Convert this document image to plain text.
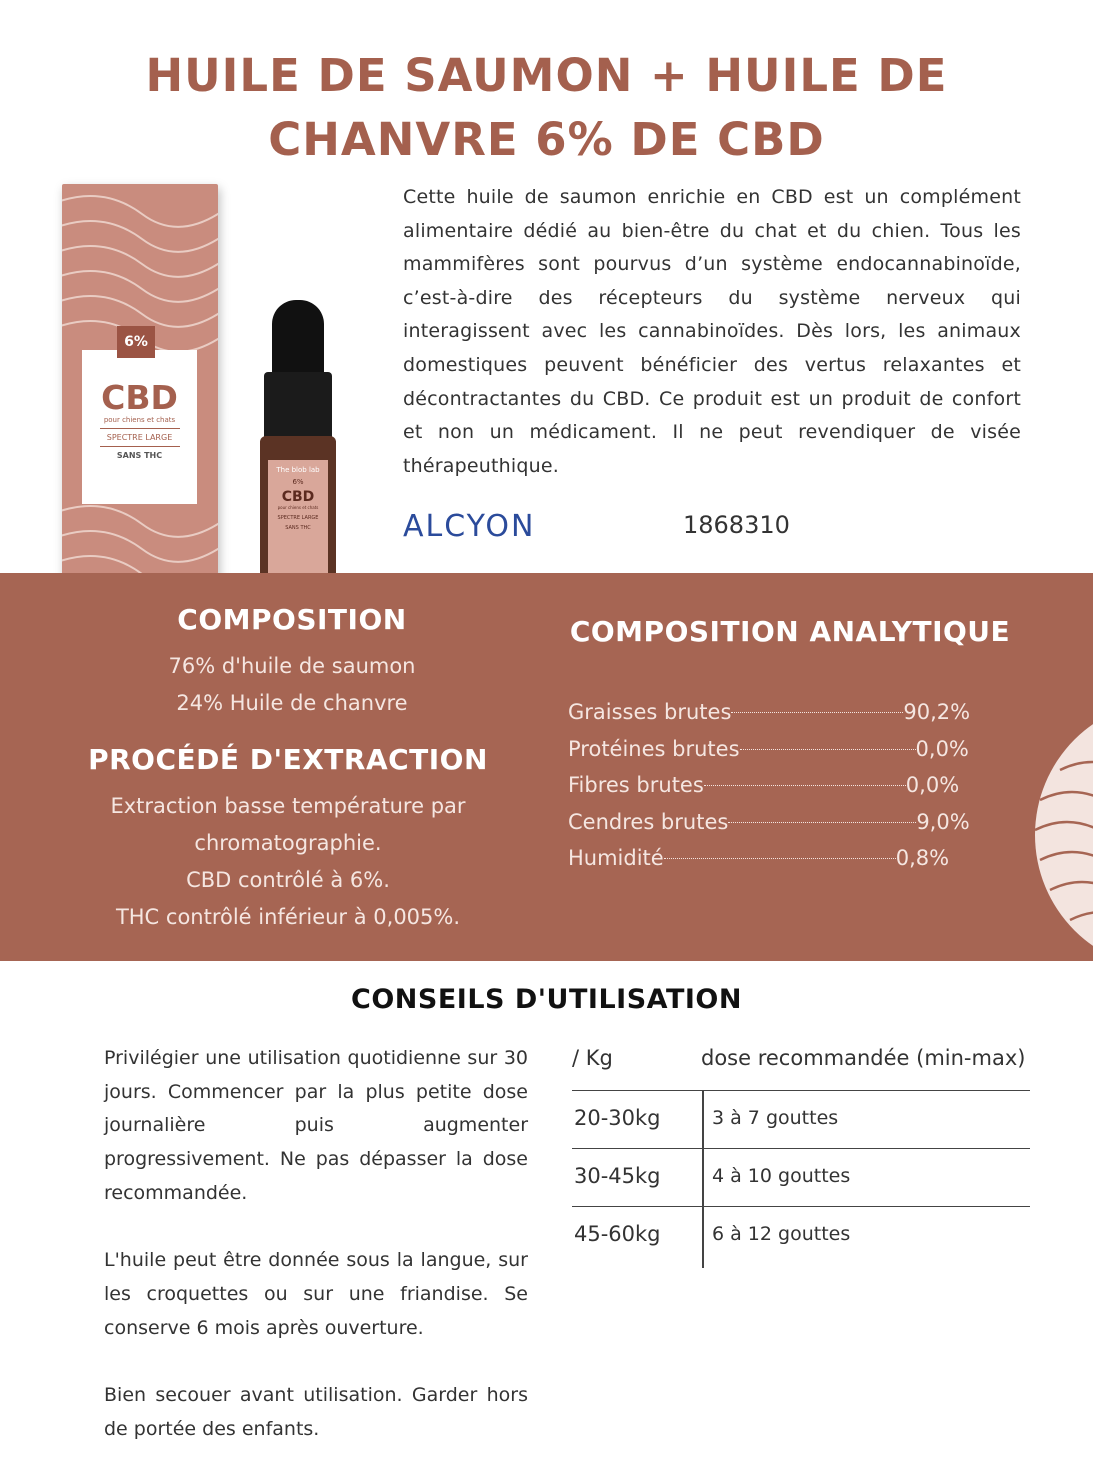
HUILE DE SAUMON + HUILE DE
CHANVRE 6% DE CBD
CBD
pour chiens et chats
SPECTRE LARGE
SANS THC
6%
The blob lab
6%
CBD
pour chiens et chats
SPECTRE LARGE
SANS THC
Cette huile de saumon enrichie en CBD est un complément alimentaire dédié au bien-être du chat et du chien. Tous les mammifères sont pourvus d’un système endocannabinoïde, c’est-à-dire des récepteurs du système nerveux qui interagissent avec les cannabinoïdes. Dès lors, les animaux domestiques peuvent bénéficier des vertus relaxantes et décontractantes du CBD. Ce produit est un produit de confort et non un médicament. Il ne peut revendiquer de visée thérapeuthique.
ALCYON	1868310
COMPOSITION

76% d'huile de saumon
24% Huile de chanvre

PROCÉDÉ D'EXTRACTION

Extraction basse température par
chromatographie.
CBD contrôlé à 6%.
THC contrôlé inférieur à 0,005%.

COMPOSITION ANALYTIQUE
Graisses brutes	90,2%
Protéines brutes	0,0%
Fibres brutes	0,0%
Cendres brutes	9,0%
Humidité	0,8%
CONSEILS D'UTILISATION

Privilégier une utilisation quotidienne sur 30 jours. Commencer par la plus petite dose journalière puis augmenter progressivement. Ne pas dépasser la dose recommandée.

L'huile peut être donnée sous la langue, sur les croquettes ou sur une friandise. Se conserve 6 mois après ouverture.

Bien secouer avant utilisation. Garder hors de portée des enfants.

/ Kg	dose recommandée (min-max)
20-30kg	3 à 7 gouttes
30-45kg	4 à 10 gouttes
45-60kg	6 à 12 gouttes
